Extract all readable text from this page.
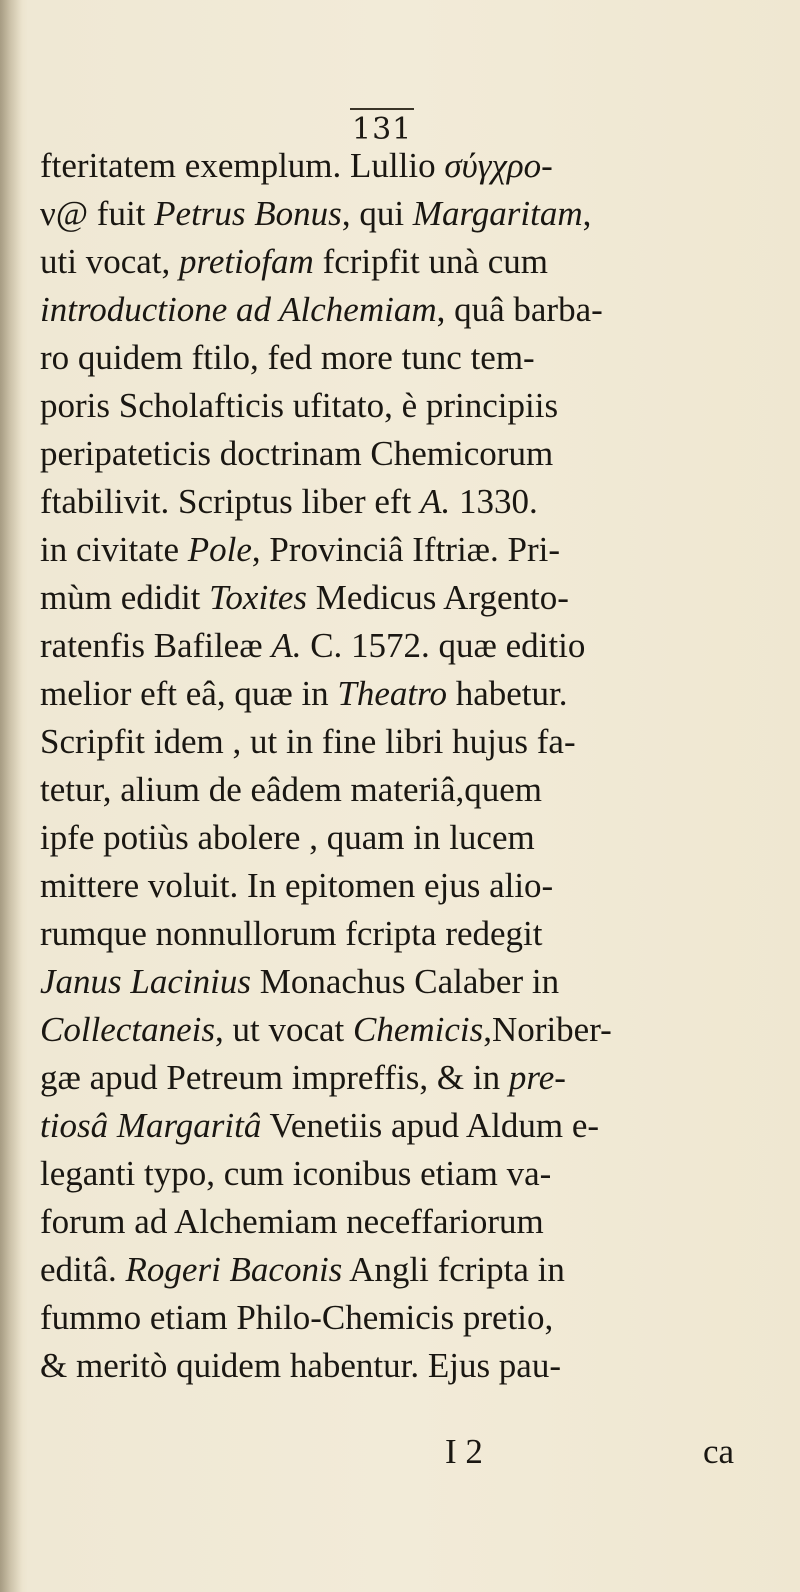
131
fteritatem exemplum. Lullio σύγχρο-
ν@ fuit Petrus Bonus, qui Margaritam,
uti vocat, pretiofam fcripfit unà cum
introductione ad Alchemiam, quâ barba-
ro quidem ftilo, fed more tunc tem-
poris Scholafticis ufitato, è principiis
peripateticis doctrinam Chemicorum
ftabilivit. Scriptus liber eft A. 1330.
in civitate Pole, Provinciâ Iftriæ. Pri-
mùm edidit Toxites Medicus Argento-
ratenfis Bafileæ A. C. 1572. quæ editio
melior eft eâ, quæ in Theatro habetur.
Scripfit idem , ut in fine libri hujus fa-
tetur, alium de eâdem materiâ,quem
ipfe potiùs abolere , quam in lucem
mittere voluit. In epitomen ejus alio-
rumque nonnullorum fcripta redegit
Janus Lacinius Monachus Calaber in
Collectaneis, ut vocat Chemicis,Noriber-
gæ apud Petreum impreffis, & in pre-
tiosâ Margaritâ Venetiis apud Aldum e-
leganti typo, cum iconibus etiam va-
forum ad Alchemiam neceffariorum
editâ. Rogeri Baconis Angli fcripta in
fummo etiam Philo-Chemicis pretio,
& meritò quidem habentur. Ejus pau-
I 2	ca
